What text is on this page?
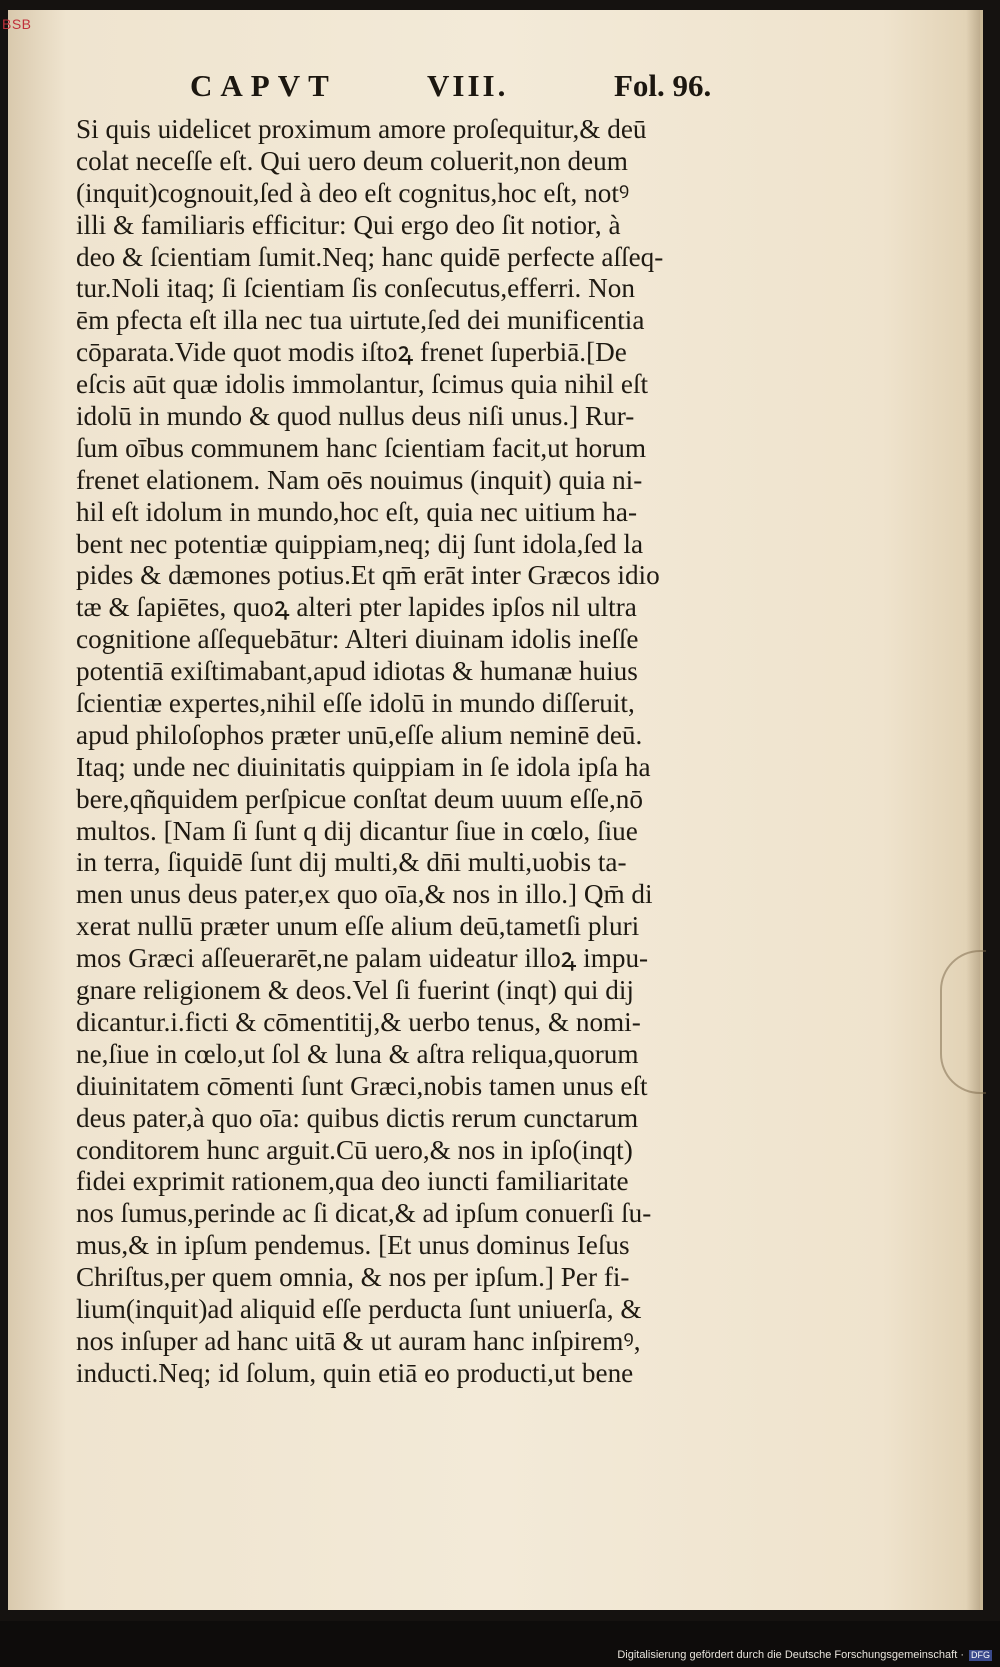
CAPVT	VIII.	Fol. 96.
Si quis uidelicet proximum amore proſequitur,& deū
colat neceſſe eſt. Qui uero deum coluerit,non deum
(inquit)cognouit,ſed à deo eſt cognitus,hoc eſt, notꝰ
illi & familiaris efficitur: Qui ergo deo ſit notior, à
deo & ſcientiam ſumit.Neq; hanc quidē perfecte aſſeq-
tur.Noli itaq; ſi ſcientiam ſis conſecutus,efferri. Non
ēm pfecta eſt illa nec tua uirtute,ſed dei munificentia
cōparata.Vide quot modis iſtoꝝ frenet ſuperbiā.[De
eſcis aūt quæ idolis immolantur, ſcimus quia nihil eſt
idolū in mundo & quod nullus deus niſi unus.] Rur-
ſum oībus communem hanc ſcientiam facit,ut horum
frenet elationem. Nam oēs nouimus (inquit) quia ni-
hil eſt idolum in mundo,hoc eſt, quia nec uitium ha-
bent nec potentiæ quippiam,neq; dij ſunt idola,ſed la
pides & dæmones potius.Et qm̄ erāt inter Græcos idio
tæ & ſapiētes, quoꝝ alteri pter lapides ipſos nil ultra
cognitione aſſequebātur: Alteri diuinam idolis ineſſe
potentiā exiſtimabant,apud idiotas & humanæ huius
ſcientiæ expertes,nihil eſſe idolū in mundo diſſeruit,
apud philoſophos præter unū,eſſe alium neminē deū.
Itaq; unde nec diuinitatis quippiam in ſe idola ipſa ha
bere,qñquidem perſpicue conſtat deum uuum eſſe,nō
multos. [Nam ſi ſunt q dij dicantur ſiue in cœlo, ſiue
in terra, ſiquidē ſunt dij multi,& dn̄i multi,uobis ta-
men unus deus pater,ex quo oīa,& nos in illo.] Qm̄ di
xerat nullū præter unum eſſe alium deū,tametſi pluri
mos Græci aſſeuerarēt,ne palam uideatur illoꝝ impu-
gnare religionem & deos.Vel ſi fuerint (inqt) qui dij
dicantur.i.ficti & cōmentitij,& uerbo tenus, & nomi-
ne,ſiue in cœlo,ut ſol & luna & aſtra reliqua,quorum
diuinitatem cōmenti ſunt Græci,nobis tamen unus eſt
deus pater,à quo oīa: quibus dictis rerum cunctarum
conditorem hunc arguit.Cū uero,& nos in ipſo(inqt)
fidei exprimit rationem,qua deo iuncti familiaritate
nos ſumus,perinde ac ſi dicat,& ad ipſum conuerſi ſu-
mus,& in ipſum pendemus. [Et unus dominus Ieſus
Chriſtus,per quem omnia, & nos per ipſum.] Per fi-
lium(inquit)ad aliquid eſſe perducta ſunt uniuerſa, &
nos inſuper ad hanc uitā & ut auram hanc inſpiremꝰ,
inducti.Neq; id ſolum, quin etiā eo producti,ut bene
BSB
Digitalisierung gefördert durch die Deutsche Forschungsgemeinschaft · DFG
